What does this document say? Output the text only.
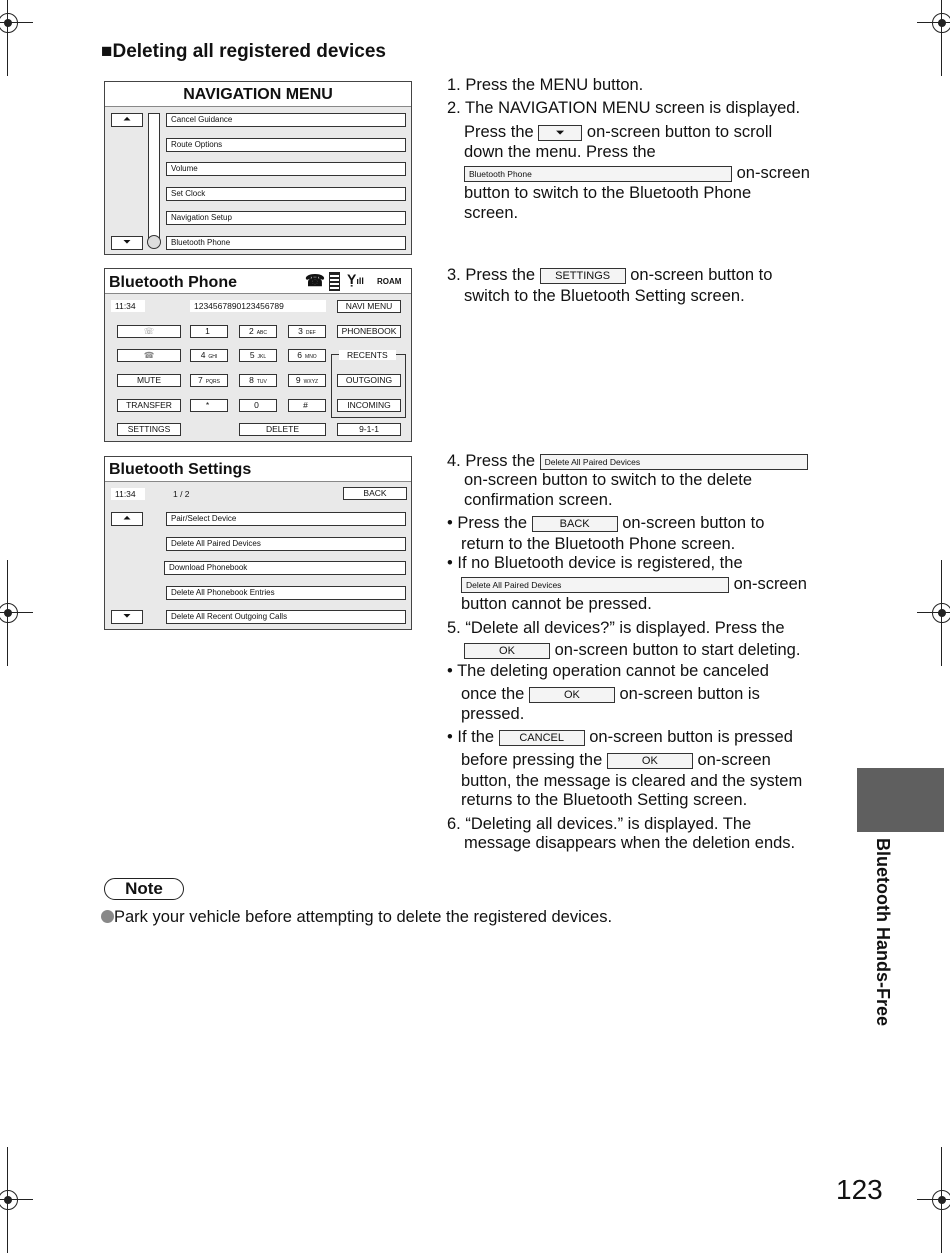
■Deleting all registered devices
NAVIGATION MENU
⏶
⏷
Cancel Guidance
Route Options
Volume
Set Clock
Navigation Setup
Bluetooth Phone
Bluetooth Phone	☎ Ỵıll ROAM
11:34	1234567890123456789	NAVI MENU
☏
☎
MUTE
TRANSFER
SETTINGS	DELETE
PHONEBOOK
RECENTS
OUTGOING
INCOMING
9-1-1
1	2 ABC	3 DEF
4 GHI	5 JKL	6 MNO
7 PQRS	8 TUV	9 WXYZ
*	0	#
Bluetooth Settings
11:34	1 / 2	BACK
⏶
⏷
Pair/Select Device
Delete All Paired Devices
Download Phonebook
Delete All Phonebook Entries
Delete All Recent Outgoing Calls
1. Press the MENU button.
2. The NAVIGATION MENU screen is displayed.
Press the ⏷ on-screen button to scroll
down the menu. Press the
Bluetooth Phone	on-screen
button to switch to the Bluetooth Phone
screen.
3. Press the SETTINGS on-screen button to
switch to the Bluetooth Setting screen.
4. Press the Delete All Paired Devices
on-screen button to switch to the delete
confirmation screen.
• Press the	BACK on-screen button to
return to the Bluetooth Phone screen.
• If no Bluetooth device is registered, the
Delete All Paired Devices	on-screen
button cannot be pressed.
5. “Delete all devices?” is displayed. Press the
OK on-screen button to start deleting.
• The deleting operation cannot be canceled
once the	OK on-screen button is
pressed.
• If the CANCEL on-screen button is pressed
before pressing the	OK on-screen
button, the message is cleared and the system
returns to the Bluetooth Setting screen.
6. “Deleting all devices.” is displayed. The
message disappears when the deletion ends.
Note
Park your vehicle before attempting to delete the registered devices.	Bluetooth Hands-Free
123
